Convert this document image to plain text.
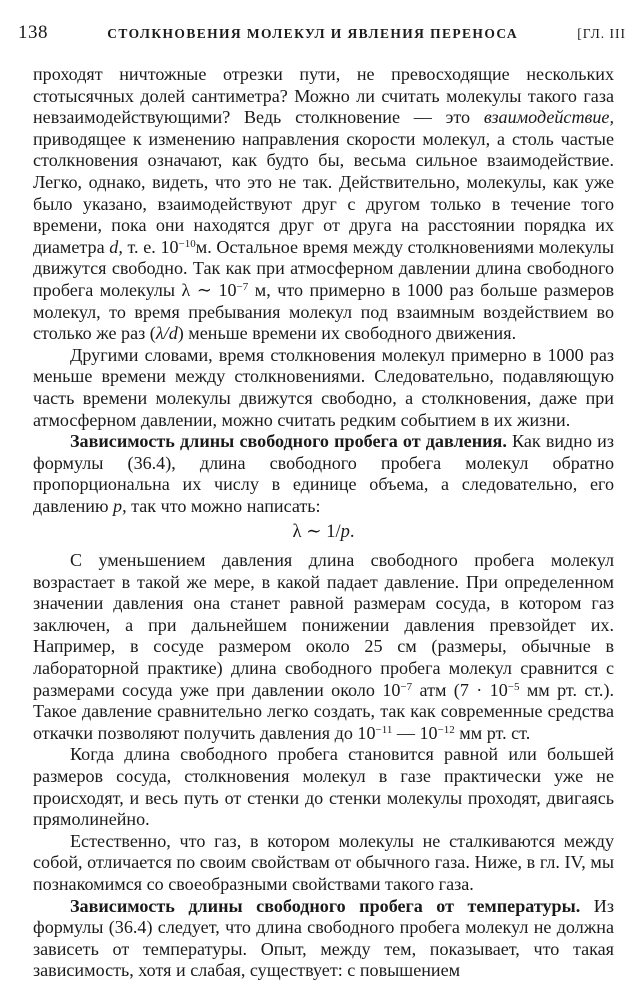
138	СТОЛКНОВЕНИЯ МОЛЕКУЛ И ЯВЛЕНИЯ ПЕРЕНОСА	[ГЛ. III

проходят ничтожные отрезки пути, не превосходящие нескольких стотысячных долей сантиметра? Можно ли считать молекулы такого газа невзаимодействующими? Ведь столкновение — это взаимодействие, приводящее к изменению направления скорости молекул, а столь частые столкновения означают, как будто бы, весьма сильное взаимодействие. Легко, однако, видеть, что это не так. Действительно, молекулы, как уже было указано, взаимодействуют друг с другом только в течение того времени, пока они находятся друг от друга на расстоянии порядка их диаметра d, т. е. $10^{-10}м$. Остальное время между столкновениями молекулы движутся свободно. Так как при атмосферном давлении длина свободного пробега молекулы λ ∼ $10^{-7}$ м, что примерно в 1000 раз больше размеров молекул, то время пребывания молекул под взаимным воздействием во столько же раз (λ/d) меньше времени их свободного движения.

Другими словами, время столкновения молекул примерно в 1000 раз меньше времени между столкновениями. Следовательно, подавляющую часть времени молекулы движутся свободно, а столкновения, даже при атмосферном давлении, можно считать редким событием в их жизни.

Зависимость длины свободного пробега от давления. Как видно из формулы (36.4), длина свободного пробега молекул обратно пропорциональна их числу в единице объема, а следовательно, его давлению p, так что можно написать:

λ ∼ 1/p.

С уменьшением давления длина свободного пробега молекул возрастает в такой же мере, в какой падает давление. При определенном значении давления она станет равной размерам сосуда, в котором газ заключен, а при дальнейшем понижении давления превзойдет их. Например, в сосуде размером около 25 см (размеры, обычные в лабораторной практике) длина свободного пробега молекул сравнится с размерами сосуда уже при давлении около $10^{-7}$ атм ($7 \cdot 10^{-5}$ мм рт. ст.). Такое давление сравнительно легко создать, так как современные средства откачки позволяют получить давления до $10^{-11}$ — $10^{-12}$ мм рт. ст.

Когда длина свободного пробега становится равной или большей размеров сосуда, столкновения молекул в газе практически уже не происходят, и весь путь от стенки до стенки молекулы проходят, двигаясь прямолинейно.

Естественно, что газ, в котором молекулы не сталкиваются между собой, отличается по своим свойствам от обычного газа. Ниже, в гл. IV, мы познакомимся со своеобразными свойствами такого газа.

Зависимость длины свободного пробега от температуры. Из формулы (36.4) следует, что длина свободного пробега молекул не должна зависеть от температуры. Опыт, между тем, показывает, что такая зависимость, хотя и слабая, существует: с повышением
